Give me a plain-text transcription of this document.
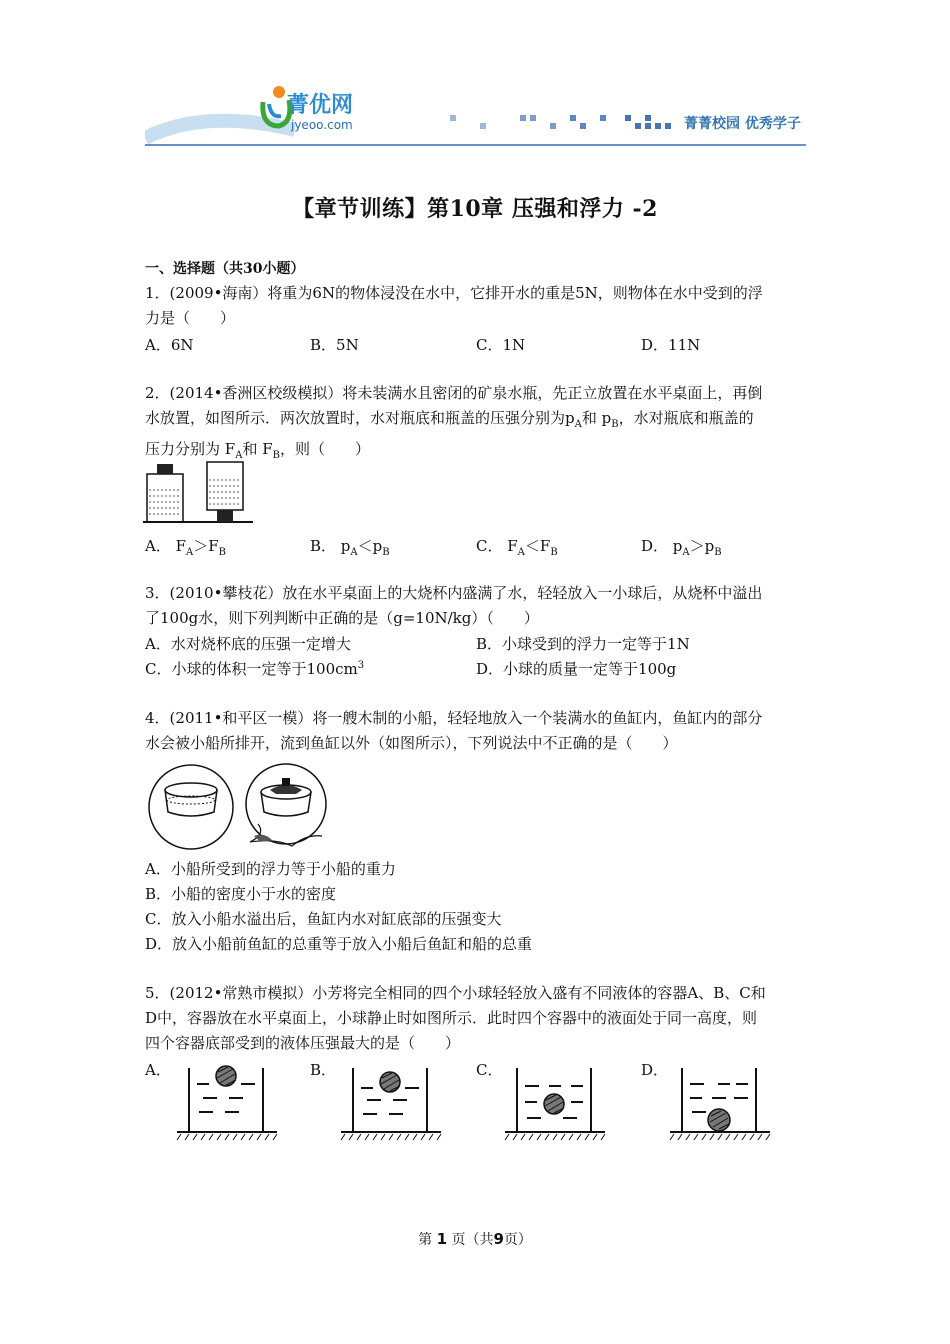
菁优网
jyeoo.com	菁菁校园 优秀学子
【章节训练】第10章 压强和浮力 -2
一、选择题（共30小题）
1．(2009•海南）将重为6N的物体浸没在水中，它排开水的重是5N，则物体在水中受到的浮
力是（　　）
A．6N	B．5N	C．1N	D．11N
2．(2014•香洲区校级模拟）将未装满水且密闭的矿泉水瓶，先正立放置在水平桌面上，再倒
水放置，如图所示．两次放置时，水对瓶底和瓶盖的压强分别为$p_A$和 $p_B$，水对瓶底和瓶盖的
压力分别为 $F_A$和 $F_B$，则（　　）
A． $F_A>F_B$	B． $p_A<p_B$	C． $F_A<F_B$	D． $p_A>p_B$
3．(2010•攀枝花）放在水平桌面上的大烧杯内盛满了水，轻轻放入一小球后，从烧杯中溢出
了100g水，则下列判断中正确的是（g=10N/kg）（　　）
A．水对烧杯底的压强一定增大	B．小球受到的浮力一定等于1N
C．小球的体积一定等于$100cm^3$	D．小球的质量一定等于100g
4．(2011•和平区一模）将一艘木制的小船，轻轻地放入一个装满水的鱼缸内，鱼缸内的部分
水会被小船所排开，流到鱼缸以外（如图所示），下列说法中不正确的是（　　）
A．小船所受到的浮力等于小船的重力
B．小船的密度小于水的密度
C．放入小船水溢出后，鱼缸内水对缸底部的压强变大
D．放入小船前鱼缸的总重等于放入小船后鱼缸和船的总重
5．(2012•常熟市模拟）小芳将完全相同的四个小球轻轻放入盛有不同液体的容器A、B、C和
D中，容器放在水平桌面上，小球静止时如图所示．此时四个容器中的液面处于同一高度，则
四个容器底部受到的液体压强最大的是（　　）
A．	B．	C．	D．
第 1 页（共9页）
